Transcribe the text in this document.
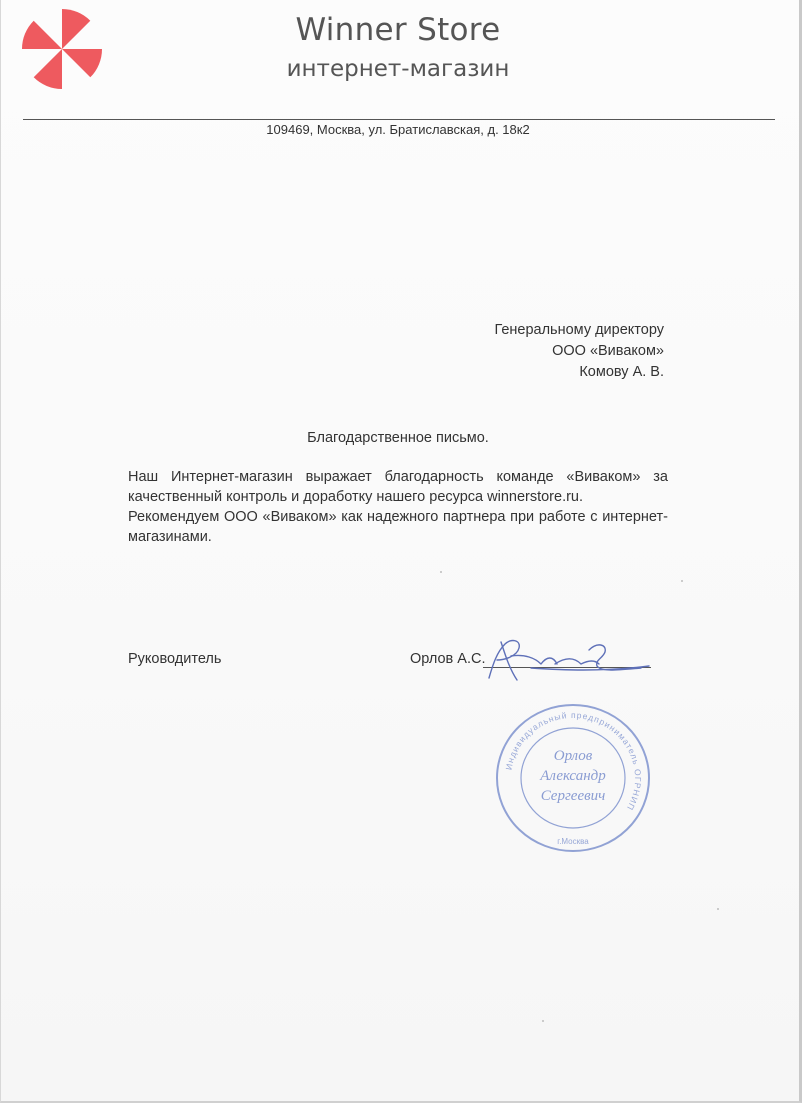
Winner Store
интернет-магазин
109469, Москва, ул. Братиславская, д. 18к2
Генеральному директору
ООО «Виваком»
Комову А. В.
Благодарственное письмо.

Наш Интернет-магазин выражает благодарность команде «Виваком» за качественный контроль и доработку нашего ресурса winnerstore.ru.

Рекомендуем ООО «Виваком» как надежного партнера при работе с интернет-магазинами.

Руководитель	Орлов А.С.
Индивидуальный предприниматель ОГРНИП
г.Москва
Орлов
Александр
Сергеевич
